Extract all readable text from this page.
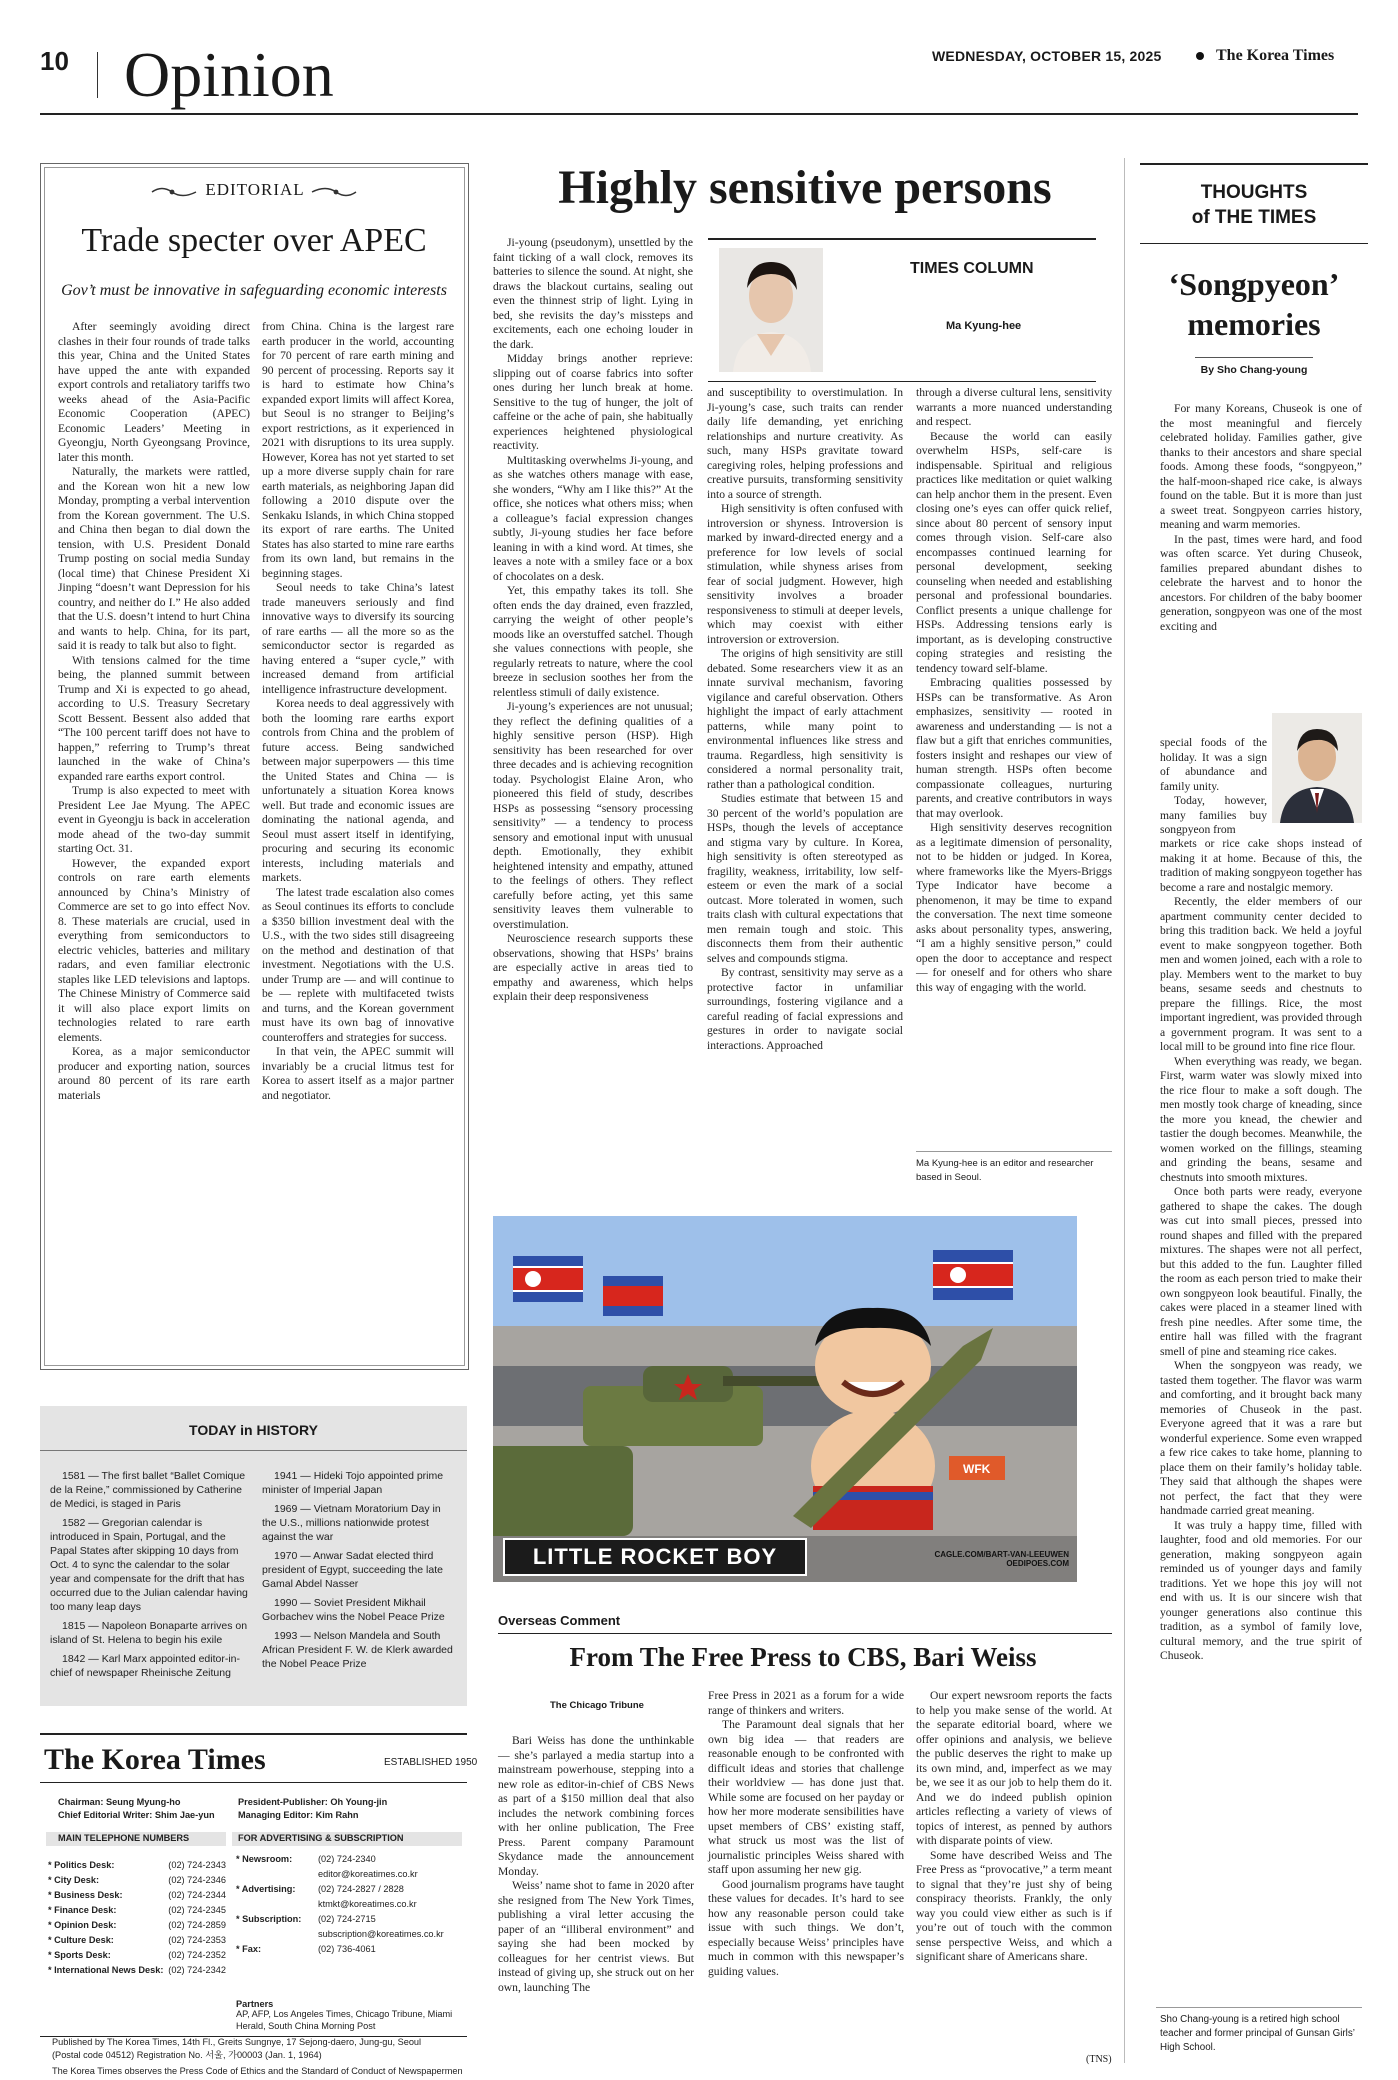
10 Opinion	WEDNESDAY, OCTOBER 15, 2025	The Korea Times
EDITORIAL
Trade specter over APEC
Gov’t must be innovative in safeguarding economic interests

After seemingly avoiding direct clashes in their four rounds of trade talks this year, China and the United States have upped the ante with expanded export controls and retaliatory tariffs two weeks ahead of the Asia-Pacific Economic Cooperation (APEC) Economic Leaders’ Meeting in Gyeongju, North Gyeongsang Province, later this month.

Naturally, the markets were rattled, and the Korean won hit a new low Monday, prompting a verbal intervention from the Korean government. The U.S. and China then began to dial down the tension, with U.S. President Donald Trump posting on social media Sunday (local time) that Chinese President Xi Jinping “doesn’t want Depression for his country, and neither do I.” He also added that the U.S. doesn’t intend to hurt China and wants to help. China, for its part, said it is ready to talk but also to fight.

With tensions calmed for the time being, the planned summit between Trump and Xi is expected to go ahead, according to U.S. Treasury Secretary Scott Bessent. Bessent also added that “The 100 percent tariff does not have to happen,” referring to Trump’s threat launched in the wake of China’s expanded rare earths export control.

Trump is also expected to meet with President Lee Jae Myung. The APEC event in Gyeongju is back in acceleration mode ahead of the two-day summit starting Oct. 31.

However, the expanded export controls on rare earth elements announced by China’s Ministry of Commerce are set to go into effect Nov. 8. These materials are crucial, used in everything from semiconductors to electric vehicles, batteries and military radars, and even familiar electronic staples like LED televisions and laptops. The Chinese Ministry of Commerce said it will also place export limits on technologies related to rare earth elements.

Korea, as a major semiconductor producer and exporting nation, sources around 80 percent of its rare earth materials

from China. China is the largest rare earth producer in the world, accounting for 70 percent of rare earth mining and 90 percent of processing. Reports say it is hard to estimate how China’s expanded export limits will affect Korea, but Seoul is no stranger to Beijing’s export restrictions, as it experienced in 2021 with disruptions to its urea supply. However, Korea has not yet started to set up a more diverse supply chain for rare earth materials, as neighboring Japan did following a 2010 dispute over the Senkaku Islands, in which China stopped its export of rare earths. The United States has also started to mine rare earths from its own land, but remains in the beginning stages.

Seoul needs to take China’s latest trade maneuvers seriously and find innovative ways to diversify its sourcing of rare earths — all the more so as the semiconductor sector is regarded as having entered a “super cycle,” with increased demand from artificial intelligence infrastructure development.

Korea needs to deal aggressively with both the looming rare earths export controls from China and the problem of future access. Being sandwiched between major superpowers — this time the United States and China — is unfortunately a situation Korea knows well. But trade and economic issues are dominating the national agenda, and Seoul must assert itself in identifying, procuring and securing its economic interests, including materials and markets.

The latest trade escalation also comes as Seoul continues its efforts to conclude a $350 billion investment deal with the U.S., with the two sides still disagreeing on the method and destination of that investment. Negotiations with the U.S. under Trump are — and will continue to be — replete with multifaceted twists and turns, and the Korean government must have its own bag of innovative counteroffers and strategies for success.

In that vein, the APEC summit will invariably be a crucial litmus test for Korea to assert itself as a major partner and negotiator.

TODAY in HISTORY

1581 — The first ballet “Ballet Comique de la Reine,” commissioned by Catherine de Medici, is staged in Paris

1582 — Gregorian calendar is introduced in Spain, Portugal, and the Papal States after skipping 10 days from Oct. 4 to sync the calendar to the solar year and compensate for the drift that has occurred due to the Julian calendar having too many leap days

1815 — Napoleon Bonaparte arrives on island of St. Helena to begin his exile

1842 — Karl Marx appointed editor-in-chief of newspaper Rheinische Zeitung

1941 — Hideki Tojo appointed prime minister of Imperial Japan

1969 — Vietnam Moratorium Day in the U.S., millions nationwide protest against the war

1970 — Anwar Sadat elected third president of Egypt, succeeding the late Gamal Abdel Nasser

1990 — Soviet President Mikhail Gorbachev wins the Nobel Peace Prize

1993 — Nelson Mandela and South African President F. W. de Klerk awarded the Nobel Peace Prize

The Korea Times	ESTABLISHED 1950
Chairman: Seung Myung-ho
Chief Editorial Writer: Shim Jae-yun
President-Publisher: Oh Young-jin
Managing Editor: Kim Rahn
MAIN TELEPHONE NUMBERS
* Politics Desk:	(02) 724-2343
* City Desk:	(02) 724-2346
* Business Desk:	(02) 724-2344
* Finance Desk:	(02) 724-2345
* Opinion Desk:	(02) 724-2859
* Culture Desk:	(02) 724-2353
* Sports Desk:	(02) 724-2352
* International News Desk: (02) 724-2342
FOR ADVERTISING & SUBSCRIPTION
* Newsroom:	(02) 724-2340
editor@koreatimes.co.kr
* Advertising:	(02) 724-2827 / 2828
ktmkt@koreatimes.co.kr
* Subscription:	(02) 724-2715
subscription@koreatimes.co.kr
* Fax:	(02) 736-4061
Partners
AP, AFP, Los Angeles Times, Chicago Tribune, Miami Herald, South China Morning Post
Published by The Korea Times, 14th Fl., Greits Sungnye, 17 Sejong-daero, Jung-gu, Seoul
(Postal code 04512) Registration No. 서울, 가00003 (Jan. 1, 1964)
The Korea Times observes the Press Code of Ethics and the Standard of Conduct of Newspapermen
Highly sensitive persons

Ji-young (pseudonym), unsettled by the faint ticking of a wall clock, removes its batteries to silence the sound. At night, she draws the blackout curtains, sealing out even the thinnest strip of light. Lying in bed, she revisits the day’s missteps and excitements, each one echoing louder in the dark.

Midday brings another reprieve: slipping out of coarse fabrics into softer ones during her lunch break at home. Sensitive to the tug of hunger, the jolt of caffeine or the ache of pain, she habitually experiences heightened physiological reactivity.

Multitasking overwhelms Ji-young, and as she watches others manage with ease, she wonders, “Why am I like this?” At the office, she notices what others miss; when a colleague’s facial expression changes subtly, Ji-young studies her face before leaning in with a kind word. At times, she leaves a note with a smiley face or a box of chocolates on a desk.

Yet, this empathy takes its toll. She often ends the day drained, even frazzled, carrying the weight of other people’s moods like an overstuffed satchel. Though she values connections with people, she regularly retreats to nature, where the cool breeze in seclusion soothes her from the relentless stimuli of daily existence.

Ji-young’s experiences are not unusual; they reflect the defining qualities of a highly sensitive person (HSP). High sensitivity has been researched for over three decades and is achieving recognition today. Psychologist Elaine Aron, who pioneered this field of study, describes HSPs as possessing “sensory processing sensitivity” — a tendency to process sensory and emotional input with unusual depth. Emotionally, they exhibit heightened intensity and empathy, attuned to the feelings of others. They reflect carefully before acting, yet this same sensitivity leaves them vulnerable to overstimulation.

Neuroscience research supports these observations, showing that HSPs’ brains are especially active in areas tied to empathy and awareness, which helps explain their deep responsiveness

TIMES COLUMN
Ma Kyung-hee

and susceptibility to overstimulation. In Ji-young’s case, such traits can render daily life demanding, yet enriching relationships and nurture creativity. As such, many HSPs gravitate toward caregiving roles, helping professions and creative pursuits, transforming sensitivity into a source of strength.

High sensitivity is often confused with introversion or shyness. Introversion is marked by inward-directed energy and a preference for low levels of social stimulation, while shyness arises from fear of social judgment. However, high sensitivity involves a broader responsiveness to stimuli at deeper levels, which may coexist with either introversion or extroversion.

The origins of high sensitivity are still debated. Some researchers view it as an innate survival mechanism, favoring vigilance and careful observation. Others highlight the impact of early attachment patterns, while many point to environmental influences like stress and trauma. Regardless, high sensitivity is considered a normal personality trait, rather than a pathological condition.

Studies estimate that between 15 and 30 percent of the world’s population are HSPs, though the levels of acceptance and stigma vary by culture. In Korea, high sensitivity is often stereotyped as fragility, weakness, irritability, low self-esteem or even the mark of a social outcast. More tolerated in women, such traits clash with cultural expectations that men remain tough and stoic. This disconnects them from their authentic selves and compounds stigma.

By contrast, sensitivity may serve as a protective factor in unfamiliar surroundings, fostering vigilance and a careful reading of facial expressions and gestures in order to navigate social interactions. Approached

through a diverse cultural lens, sensitivity warrants a more nuanced understanding and respect.

Because the world can easily overwhelm HSPs, self-care is indispensable. Spiritual and religious practices like meditation or quiet walking can help anchor them in the present. Even closing one’s eyes can offer quick relief, since about 80 percent of sensory input comes through vision. Self-care also encompasses continued learning for personal development, seeking counseling when needed and establishing personal and professional boundaries. Conflict presents a unique challenge for HSPs. Addressing tensions early is important, as is developing constructive coping strategies and resisting the tendency toward self-blame.

Embracing qualities possessed by HSPs can be transformative. As Aron emphasizes, sensitivity — rooted in awareness and understanding — is not a flaw but a gift that enriches communities, fosters insight and reshapes our view of human strength. HSPs often become compassionate colleagues, nurturing parents, and creative contributors in ways that may overlook.

High sensitivity deserves recognition as a legitimate dimension of personality, not to be hidden or judged. In Korea, where frameworks like the Myers-Briggs Type Indicator have become a phenomenon, it may be time to expand the conversation. The next time someone asks about personality types, answering, “I am a highly sensitive person,” could open the door to acceptance and respect — for oneself and for others who share this way of engaging with the world.

Ma Kyung-hee is an editor and researcher based in Seoul.
WFK
LITTLE ROCKET BOY	CAGLE.COM/BART-VAN-LEEUWEN
OEDIPOES.COM
Overseas Comment
From The Free Press to CBS, Bari Weiss
The Chicago Tribune

Bari Weiss has done the unthinkable — she’s parlayed a media startup into a mainstream powerhouse, stepping into a new role as editor-in-chief of CBS News as part of a $150 million deal that also includes the network combining forces with her online publication, The Free Press. Parent company Paramount Skydance made the announcement Monday.

Weiss’ name shot to fame in 2020 after she resigned from The New York Times, publishing a viral letter accusing the paper of an “illiberal environment” and saying she had been mocked by colleagues for her centrist views. But instead of giving up, she struck out on her own, launching The

Free Press in 2021 as a forum for a wide range of thinkers and writers.

The Paramount deal signals that her own big idea — that readers are reasonable enough to be confronted with difficult ideas and stories that challenge their worldview — has done just that. While some are focused on her payday or how her more moderate sensibilities have upset members of CBS’ existing staff, what struck us most was the list of journalistic principles Weiss shared with staff upon assuming her new gig.

Good journalism programs have taught these values for decades. It’s hard to see how any reasonable person could take issue with such things. We don’t, especially because Weiss’ principles have much in common with this newspaper’s guiding values.

Our expert newsroom reports the facts to help you make sense of the world. At the separate editorial board, where we offer opinions and analysis, we believe the public deserves the right to make up its own mind, and, imperfect as we may be, we see it as our job to help them do it. And we do indeed publish opinion articles reflecting a variety of views of topics of interest, as penned by authors with disparate points of view.

Some have described Weiss and The Free Press as “provocative,” a term meant to signal that they’re just shy of being conspiracy theorists. Frankly, the only way you could view either as such is if you’re out of touch with the common sense perspective Weiss, and which a significant share of Americans share.

(TNS)
THOUGHTS
of THE TIMES
‘Songpyeon’
memories
By Sho Chang-young

For many Koreans, Chuseok is one of the most meaningful and fiercely celebrated holiday. Families gather, give thanks to their ancestors and share special foods. Among these foods, “songpyeon,” the half-moon-shaped rice cake, is always found on the table. But it is more than just a sweet treat. Songpyeon carries history, meaning and warm memories.

In the past, times were hard, and food was often scarce. Yet during Chuseok, families prepared abundant dishes to celebrate the harvest and to honor the ancestors. For children of the baby boomer generation, songpyeon was one of the most exciting and

special foods of the holiday. It was a sign of abundance and family unity.

Today, however, many families buy songpyeon from

markets or rice cake shops instead of making it at home. Because of this, the tradition of making songpyeon together has become a rare and nostalgic memory.

Recently, the elder members of our apartment community center decided to bring this tradition back. We held a joyful event to make songpyeon together. Both men and women joined, each with a role to play. Members went to the market to buy beans, sesame seeds and chestnuts to prepare the fillings. Rice, the most important ingredient, was provided through a government program. It was sent to a local mill to be ground into fine rice flour.

When everything was ready, we began. First, warm water was slowly mixed into the rice flour to make a soft dough. The men mostly took charge of kneading, since the more you knead, the chewier and tastier the dough becomes. Meanwhile, the women worked on the fillings, steaming and grinding the beans, sesame and chestnuts into smooth mixtures.

Once both parts were ready, everyone gathered to shape the cakes. The dough was cut into small pieces, pressed into round shapes and filled with the prepared mixtures. The shapes were not all perfect, but this added to the fun. Laughter filled the room as each person tried to make their own songpyeon look beautiful. Finally, the cakes were placed in a steamer lined with fresh pine needles. After some time, the entire hall was filled with the fragrant smell of pine and steaming rice cakes.

When the songpyeon was ready, we tasted them together. The flavor was warm and comforting, and it brought back many memories of Chuseok in the past. Everyone agreed that it was a rare but wonderful experience. Some even wrapped a few rice cakes to take home, planning to place them on their family’s holiday table. They said that although the shapes were not perfect, the fact that they were handmade carried great meaning.

It was truly a happy time, filled with laughter, food and old memories. For our generation, making songpyeon again reminded us of younger days and family traditions. Yet we hope this joy will not end with us. It is our sincere wish that younger generations also continue this tradition, as a symbol of family love, cultural memory, and the true spirit of Chuseok.

Sho Chang-young is a retired high school teacher and former principal of Gunsan Girls’ High School.
